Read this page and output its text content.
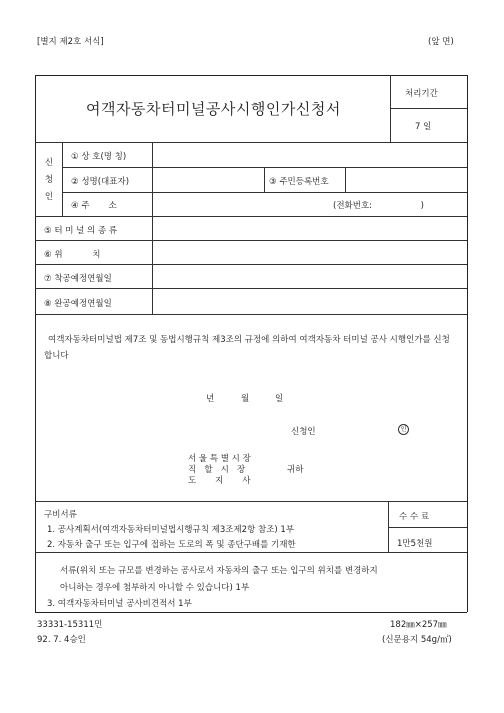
[별지 제2호 서식]	(앞 면)
여객자동차터미널공사시행인가신청서
처리기간
7 일
신청인
① 상 호(명 칭)
② 성명(대표자)	③ 주민등록번호
④ 주       소	(전화번호:                  )
⑤ 터 미 널 의 종 류
⑥ 위           치
⑦ 착공예정연월일
⑧ 완공예정연월일
여객자동차터미널법 제7조 및 동법시행규칙 제3조의 규정에 의하여 여객자동차 터미널 공사 시행인가를 신청합니다
년	월	일
신청인	인
서 울 특 별 시 장
직   할   시   장
도       지       사
귀하
구비서류
1. 공사계획서(여객자동차터미널법시행규칙 제3조제2항 참조) 1부
2. 자동차 출구 또는 입구에 접하는 도로의 폭 및 종단구배를 기재한
수 수 료
1만5천원
서류(위치 또는 규모를 변경하는 공사로서 자동차의 출구 또는 입구의 위치를 변경하지
아니하는 경우에 첨부하지 아니할 수 있습니다) 1부
3. 여객자동차터미널 공사비견적서 1부
33331-15311민	182㎜×257㎜
92. 7. 4승인	(신문용지 54g/㎡)
